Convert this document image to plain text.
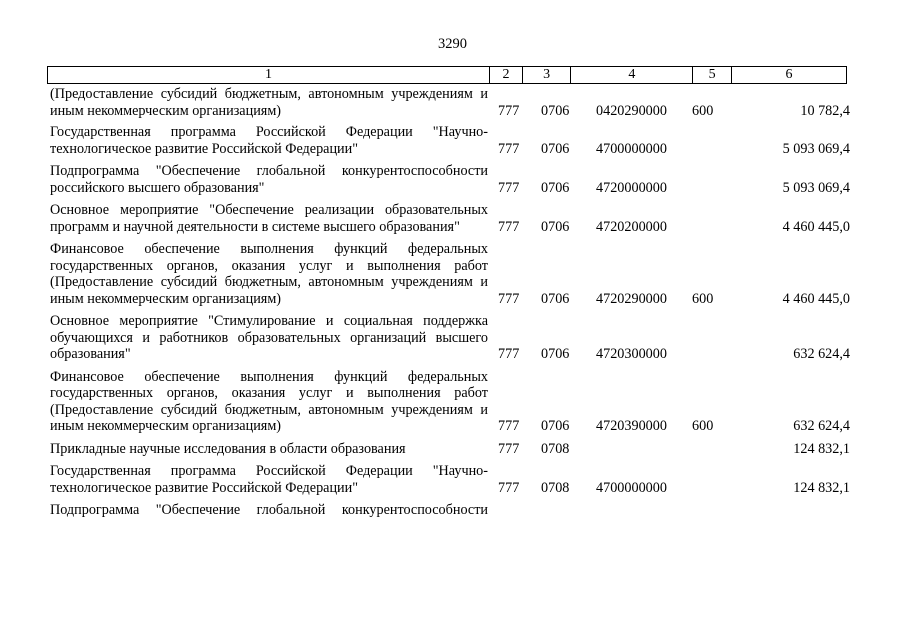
3290
1	2	3	4	5	6
(Предоставление субсидий бюджетным, автономным учреждениям и иным некоммерческим организациям)	777 0706 0420290000 600	10 782,4
Государственная программа Российской Федерации "Научно-технологическое развитие Российской Федерации"	777 0706 4700000000	5 093 069,4
Подпрограмма "Обеспечение глобальной конкурентоспособности российского высшего образования"	777 0706 4720000000	5 093 069,4
Основное мероприятие "Обеспечение реализации образовательных программ и научной деятельности в системе высшего образования"	777 0706 4720200000	4 460 445,0
Финансовое обеспечение выполнения функций федеральных государственных органов, оказания услуг и выполнения работ (Предоставление субсидий бюджетным, автономным учреждениям и иным некоммерческим организациям)	777 0706 4720290000 600	4 460 445,0
Основное мероприятие "Стимулирование и социальная поддержка обучающихся и работников образовательных организаций высшего образования"	777 0706 4720300000	632 624,4
Финансовое обеспечение выполнения функций федеральных государственных органов, оказания услуг и выполнения работ (Предоставление субсидий бюджетным, автономным учреждениям и иным некоммерческим организациям)	777 0706 4720390000 600	632 624,4
Прикладные научные исследования в области образования	777 0708	124 832,1
Государственная программа Российской Федерации "Научно-технологическое развитие Российской Федерации"	777 0708 4700000000	124 832,1
Подпрограмма "Обеспечение глобальной конкурентоспособности
